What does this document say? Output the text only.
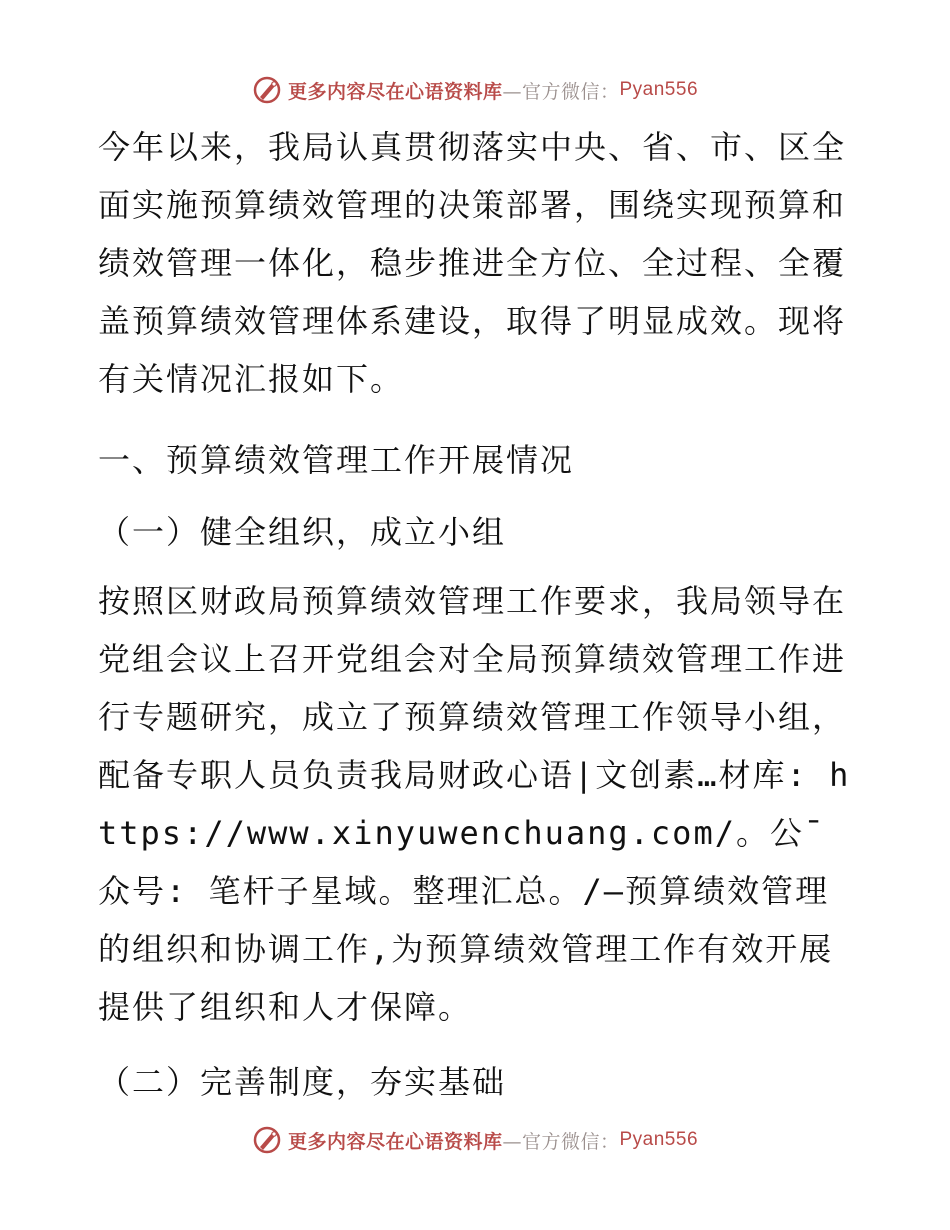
更多内容尽在心语资料库 —官方微信： Pyan556

今年以来，我局认真贯彻落实中央、省、市、区全面实施预算绩效管理的决策部署，围绕实现预算和绩效管理一体化，稳步推进全方位、全过程、全覆盖预算绩效管理体系建设，取得了明显成效。现将有关情况汇报如下。

一、预算绩效管理工作开展情况

（一）健全组织，成立小组

按照区财政局预算绩效管理工作要求，我局领导在党组会议上召开党组会对全局预算绩效管理工作进行专题研究，成立了预算绩效管理工作领导小组，配备专职人员负责我局财政心语|文创素…材库: https://www.xinyuwenchuang.com/。公¯众号: 笔杆子星域。整理汇总。/—预算绩效管理的组织和协调工作,为预算绩效管理工作有效开展提供了组织和人才保障。

（二）完善制度，夯实基础

更多内容尽在心语资料库 —官方微信： Pyan556
